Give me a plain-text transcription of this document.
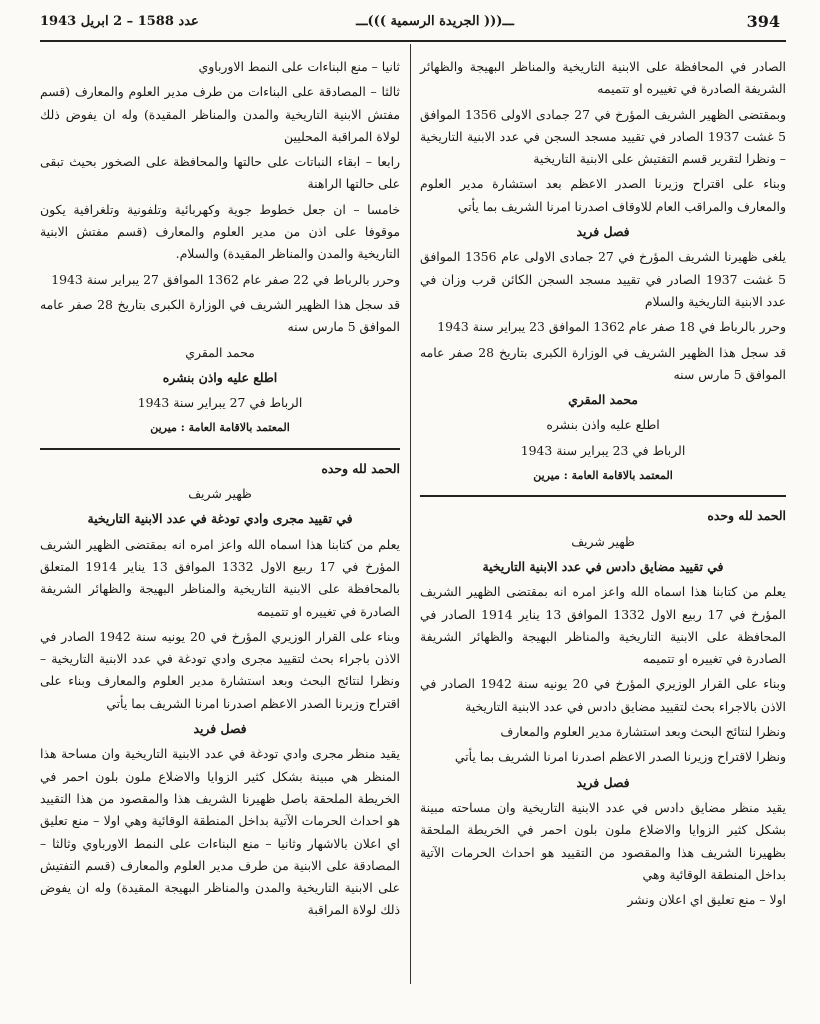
394
ـــ((( الجريدة الرسمية )))ـــ
عدد 1588 – 2 ابريل 1943

الصادر في المحافظة على الابنية التاريخية والمناظر البهيجة والظهائر الشريفة الصادرة في تغييره او تتميمه

وبمقتضى الظهير الشريف المؤرخ في 27 جمادى الاولى 1356 الموافق 5 غشت 1937 الصادر في تقييد مسجد السجن في عدد الابنية التاريخية – ونظرا لتقرير قسم التفتيش على الابنية التاريخية

وبناء على اقتراح وزيرنا الصدر الاعظم بعد استشارة مدير العلوم والمعارف والمراقب العام للاوقاف اصدرنا امرنا الشريف بما يأتي

فصل فريد

يلغى ظهيرنا الشريف المؤرخ في 27 جمادى الاولى عام 1356 الموافق 5 غشت 1937 الصادر في تقييد مسجد السجن الكائن قرب وزان في عدد الابنية التاريخية والسلام

وحرر بالرباط في 18 صفر عام 1362 الموافق 23 يبراير سنة 1943

قد سجل هذا الظهير الشريف في الوزارة الكبرى بتاريخ 28 صفر عامه الموافق 5 مارس سنه

محمد المقري

اطلع عليه واذن بنشره

الرباط في 23 يبراير سنة 1943

المعتمد بالاقامة العامة : ميرين

الحمد لله وحده

ظهير شريف

في تقييد مضايق دادس في عدد الابنية التاريخية

يعلم من كتابنا هذا اسماه الله واعز امره انه بمقتضى الظهير الشريف المؤرخ في 17 ربيع الاول 1332 الموافق 13 يناير 1914 الصادر في المحافظة على الابنية التاريخية والمناظر البهيجة والظهائر الشريفة الصادرة في تغييره او تتميمه

وبناء على القرار الوزيري المؤرخ في 20 يونيه سنة 1942 الصادر في الاذن بالاجراء بحث لتقييد مضايق دادس في عدد الابنية التاريخية

ونظرا لنتائج البحث وبعد استشارة مدير العلوم والمعارف

ونظرا لاقتراح وزيرنا الصدر الاعظم اصدرنا امرنا الشريف بما يأتي

فصل فريد

يقيد منظر مضايق دادس في عدد الابنية التاريخية وان مساحته مبينة بشكل كثير الزوايا والاضلاع ملون بلون احمر في الخريطة الملحقة بظهيرنا الشريف هذا والمقصود من التقييد هو احداث الحرمات الآتية بداخل المنطقة الوقائية وهي

اولا – منع تعليق اي اعلان ونشر

ثانيا – منع البناءات على النمط الاورباوي

ثالثا – المصادقة على البناءات من طرف مدير العلوم والمعارف (قسم مفتش الابنية التاريخية والمدن والمناظر المقيدة) وله ان يفوض ذلك لولاة المراقبة المحليين

رابعا – ابقاء النباتات على حالتها والمحافظة على الصخور بحيث تبقى على حالتها الراهنة

خامسا – ان جعل خطوط جوية وكهربائية وتلفونية وتلغرافية يكون موقوفا على اذن من مدير العلوم والمعارف (قسم مفتش الابنية التاريخية والمدن والمناظر المقيدة) والسلام.

وحرر بالرباط في 22 صفر عام 1362 الموافق 27 يبراير سنة 1943

قد سجل هذا الظهير الشريف في الوزارة الكبرى بتاريخ 28 صفر عامه الموافق 5 مارس سنه

محمد المقري

اطلع عليه واذن بنشره

الرباط في 27 يبراير سنة 1943

المعتمد بالاقامة العامة : ميرين

الحمد لله وحده

ظهير شريف

في تقييد مجرى وادي تودغة في عدد الابنية التاريخية

يعلم من كتابنا هذا اسماه الله واعز امره انه بمقتضى الظهير الشريف المؤرخ في 17 ربيع الاول 1332 الموافق 13 يناير 1914 المتعلق بالمحافظة على الابنية التاريخية والمناظر البهيجة والظهائر الشريفة الصادرة في تغييره او تتميمه

وبناء على القرار الوزيري المؤرخ في 20 يونيه سنة 1942 الصادر في الاذن باجراء بحث لتقييد مجرى وادي تودغة في عدد الابنية التاريخية – ونظرا لنتائج البحث وبعد استشارة مدير العلوم والمعارف وبناء على اقتراح وزيرنا الصدر الاعظم اصدرنا امرنا الشريف بما يأتي

فصل فريد

يقيد منظر مجرى وادي تودغة في عدد الابنية التاريخية وان مساحة هذا المنظر هي مبينة بشكل كثير الزوايا والاضلاع ملون بلون احمر في الخريطة الملحقة باصل ظهيرنا الشريف هذا والمقصود من هذا التقييد هو احداث الحرمات الآتية بداخل المنطقة الوقائية وهي اولا – منع تعليق اي اعلان بالاشهار وثانيا – منع البناءات على النمط الاورباوي وثالثا – المصادقة على الابنية من طرف مدير العلوم والمعارف (قسم التفتيش على الابنية التاريخية والمدن والمناظر البهيجة المقيدة) وله ان يفوض ذلك لولاة المراقبة
